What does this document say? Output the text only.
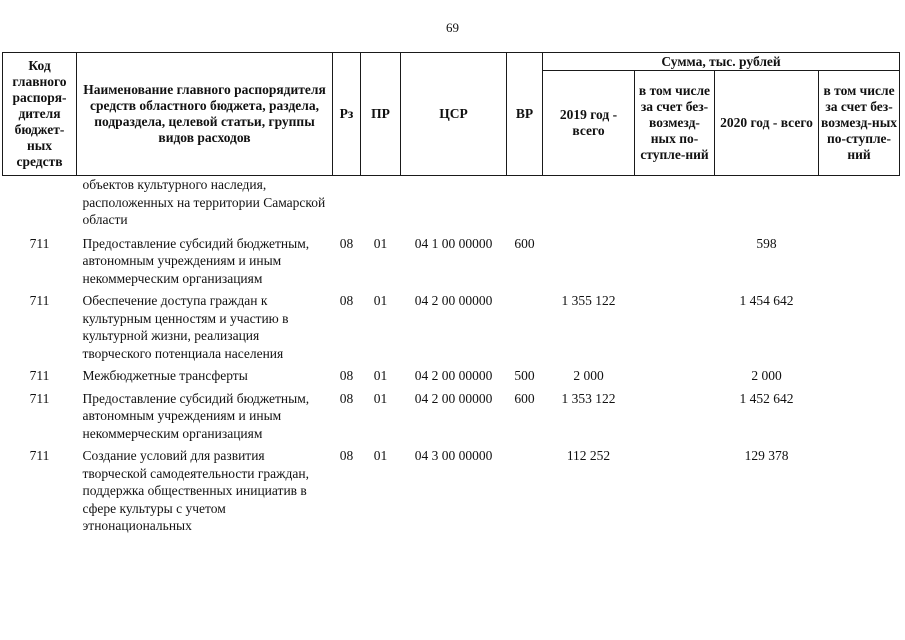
69
Код главного распоря-дителя бюджет-ных средств	Наименование главного распорядителя средств областного бюджета, раздела, подраздела, целевой статьи, группы видов расходов	Рз	ПР	ЦСР	ВР	Сумма, тыс. рублей			
						2019 год - всего	в том числе за счет без-возмезд-ных по-ступле-ний	2020 год - всего	в том числе за счет без-возмезд-ных по-ступле-ний
	объектов культурного наследия, расположенных на территории Самарской области								
711	Предоставление субсидий бюджетным, автономным учреждениям и иным некоммерческим организациям	08	01	04 1 00 00000	600			598	
711	Обеспечение доступа граждан к культурным ценностям и участию в культурной жизни, реализация творческого потенциала населения	08	01	04 2 00 00000		1 355 122		1 454 642	
711	Межбюджетные трансферты	08	01	04 2 00 00000	500	2 000		2 000	
711	Предоставление субсидий бюджетным, автономным учреждениям и иным некоммерческим организациям	08	01	04 2 00 00000	600	1 353 122		1 452 642	
711	Создание условий для развития творческой самодеятельности граждан, поддержка общественных инициатив в сфере культуры с учетом этнонациональных	08	01	04 3 00 00000		112 252		129 378	
